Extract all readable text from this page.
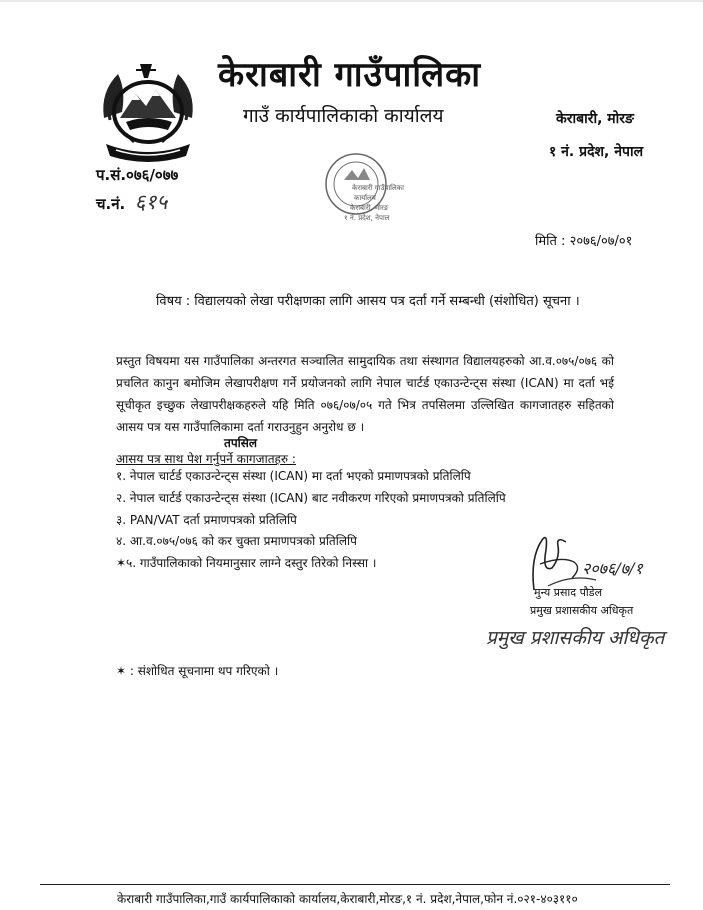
केराबारी गाउँपालिका
गाउँ कार्यपालिकाको कार्यालय	केराबारी, मोरङ
१ नं. प्रदेश, नेपाल
केराबारी गाउँपालिका
कार्यालय
केराबारी, मोरङ
१ नं. प्रदेश, नेपाल
प.सं.०७६/०७७
च.नं. ६१५
मिति : २०७६/०७/०१
विषय : विद्यालयको लेखा परीक्षणका लागि आसय पत्र दर्ता गर्ने सम्बन्धी (संशोधित) सूचना ।
प्रस्तुत विषयमा यस गाउँपालिका अन्तरगत सञ्चालित सामुदायिक तथा संस्थागत विद्यालयहरुको आ.व.०७५/०७६ को प्रचलित कानुन बमोजिम लेखापरीक्षण गर्ने प्रयोजनको लागि नेपाल चार्टर्ड एकाउन्टेन्ट्स संस्था (ICAN) मा दर्ता भई सूचीकृत इच्छुक लेखापरीक्षकहरुले यहि मिति ०७६/०७/०५ गते भित्र तपसिलमा उल्लिखित कागजातहरु सहितको आसय पत्र यस गाउँपालिकामा दर्ता गराउनुहुन अनुरोध छ ।
तपसिल
आसय पत्र साथ पेश गर्नुपर्ने कागजातहरु :
१. नेपाल चार्टर्ड एकाउन्टेन्ट्स संस्था (ICAN) मा दर्ता भएको प्रमाणपत्रको प्रतिलिपि
२. नेपाल चार्टर्ड एकाउन्टेन्ट्स संस्था (ICAN) बाट नवीकरण गरिएको प्रमाणपत्रको प्रतिलिपि
३. PAN/VAT दर्ता प्रमाणपत्रको प्रतिलिपि
४. आ.व.०७५/०७६ को कर चुक्ता प्रमाणपत्रको प्रतिलिपि
✶५. गाउँपालिकाको नियमानुसार लाग्ने दस्तुर तिरेको निस्सा ।	२०७६/७/१
मुन्य प्रसाद पौडेल
प्रमुख प्रशासकीय अधिकृत
प्रमुख प्रशासकीय अधिकृत
✶ : संशोधित सूचनामा थप गरिएको ।
केराबारी गाउँपालिका,गाउँ कार्यपालिकाको कार्यालय,केराबारी,मोरङ,१ नं. प्रदेश,नेपाल,फोन नं.०२१-४०३११०
